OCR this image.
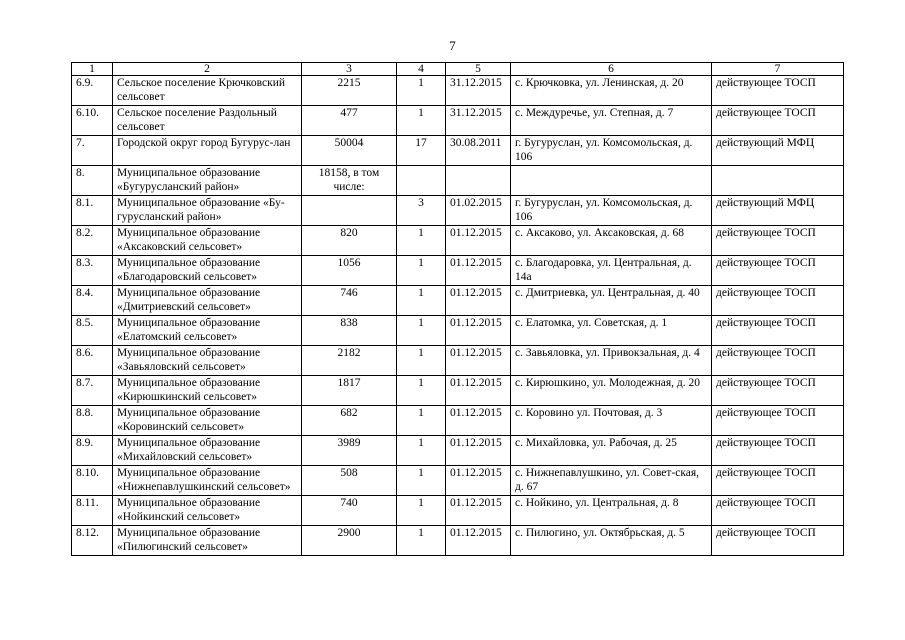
7
1	2	3	4	5	6	7
6.9.	Сельское поселение Крючковский сельсовет	2215	1	31.12.2015	с. Крючковка, ул. Ленинская, д. 20	действующее ТОСП
6.10.	Сельское поселение Раздольный сельсовет	477	1	31.12.2015	с. Междуречье, ул. Степная, д. 7	действующее ТОСП
7.	Городской округ город Бугурус-лан	50004	17	30.08.2011	г. Бугуруслан, ул. Комсомольская, д. 106	действующий МФЦ
8.	Муниципальное образование «Бугурусланский район»	18158, в том числе:				
8.1.	Муниципальное образование «Бу-гурусланский район»		3	01.02.2015	г. Бугуруслан, ул. Комсомольская, д. 106	действующий МФЦ
8.2.	Муниципальное образование «Аксаковский сельсовет»	820	1	01.12.2015	с. Аксаково, ул. Аксаковская, д. 68	действующее ТОСП
8.3.	Муниципальное образование «Благодаровский сельсовет»	1056	1	01.12.2015	с. Благодаровка, ул. Центральная, д. 14а	действующее ТОСП
8.4.	Муниципальное образование «Дмитриевский сельсовет»	746	1	01.12.2015	с. Дмитриевка, ул. Центральная, д. 40	действующее ТОСП
8.5.	Муниципальное образование «Елатомский сельсовет»	838	1	01.12.2015	с. Елатомка, ул. Советская, д. 1	действующее ТОСП
8.6.	Муниципальное образование «Завьяловский сельсовет»	2182	1	01.12.2015	с. Завьяловка, ул. Привокзальная, д. 4	действующее ТОСП
8.7.	Муниципальное образование «Кирюшкинский сельсовет»	1817	1	01.12.2015	с. Кирюшкино, ул. Молодежная, д. 20	действующее ТОСП
8.8.	Муниципальное образование «Коровинский сельсовет»	682	1	01.12.2015	с. Коровино ул. Почтовая, д. 3	действующее ТОСП
8.9.	Муниципальное образование «Михайловский сельсовет»	3989	1	01.12.2015	с. Михайловка, ул. Рабочая, д. 25	действующее ТОСП
8.10.	Муниципальное образование «Нижнепавлушкинский сельсовет»	508	1	01.12.2015	с. Нижнепавлушкино, ул. Совет-ская, д. 67	действующее ТОСП
8.11.	Муниципальное образование «Нойкинский сельсовет»	740	1	01.12.2015	с. Нойкино, ул. Центральная, д. 8	действующее ТОСП
8.12.	Муниципальное образование «Пилюгинский сельсовет»	2900	1	01.12.2015	с. Пилюгино, ул. Октябрьская, д. 5	действующее ТОСП
